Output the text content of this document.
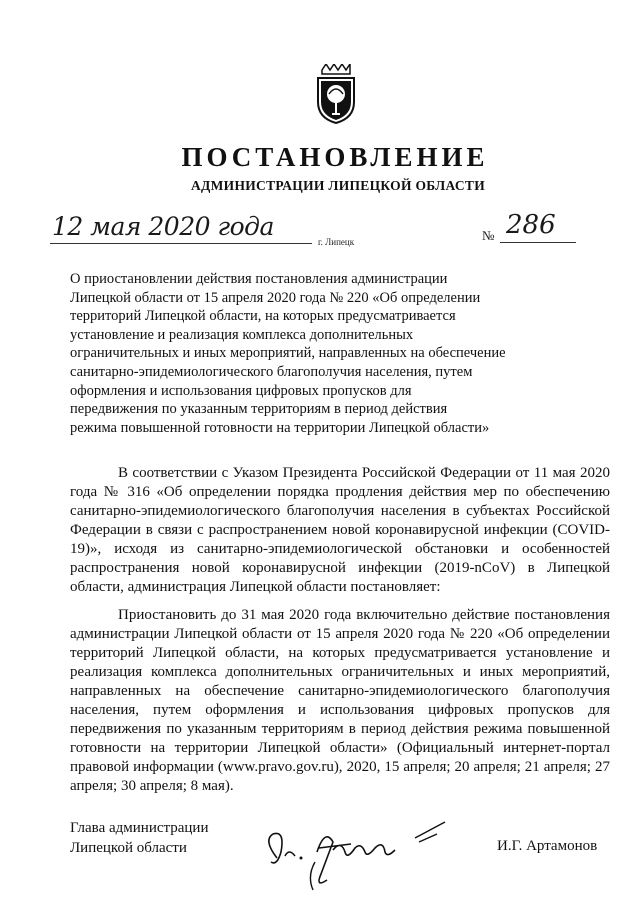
ПОСТАНОВЛЕНИЕ
АДМИНИСТРАЦИИ ЛИПЕЦКОЙ ОБЛАСТИ
12 мая 2020 года
г. Липецк	№ 286
О приостановлении действия постановления администрации
Липецкой области от 15 апреля 2020 года № 220 «Об определении
территорий Липецкой области, на которых предусматривается
установление и реализация комплекса дополнительных
ограничительных и иных мероприятий, направленных на обеспечение
санитарно-эпидемиологического благополучия населения, путем
оформления и использования цифровых пропусков для
передвижения по указанным территориям в период действия
режима повышенной готовности на территории Липецкой области»
В соответствии с Указом Президента Российской Федерации от 11 мая 2020 года № 316 «Об определении порядка продления действия мер по обеспечению санитарно-эпидемиологического благополучия населения в субъектах Российской Федерации в связи с распространением новой коронавирусной инфекции (COVID-19)», исходя из санитарно-эпидемиологической обстановки и особенностей распространения новой коронавирусной инфекции (2019-nCoV) в Липецкой области, администрация Липецкой области постановляет:
Приостановить до 31 мая 2020 года включительно действие постановления администрации Липецкой области от 15 апреля 2020 года № 220 «Об определении территорий Липецкой области, на которых предусматривается установление и реализация комплекса дополнительных ограничительных и иных мероприятий, направленных на обеспечение санитарно-эпидемиологического благополучия населения, путем оформления и использования цифровых пропусков для передвижения по указанным территориям в период действия режима повышенной готовности на территории Липецкой области» (Официальный интернет-портал правовой информации (www.pravo.gov.ru), 2020, 15 апреля; 20 апреля; 21 апреля; 27 апреля; 30 апреля; 8 мая).
Глава администрации
Липецкой области	И.Г. Артамонов
